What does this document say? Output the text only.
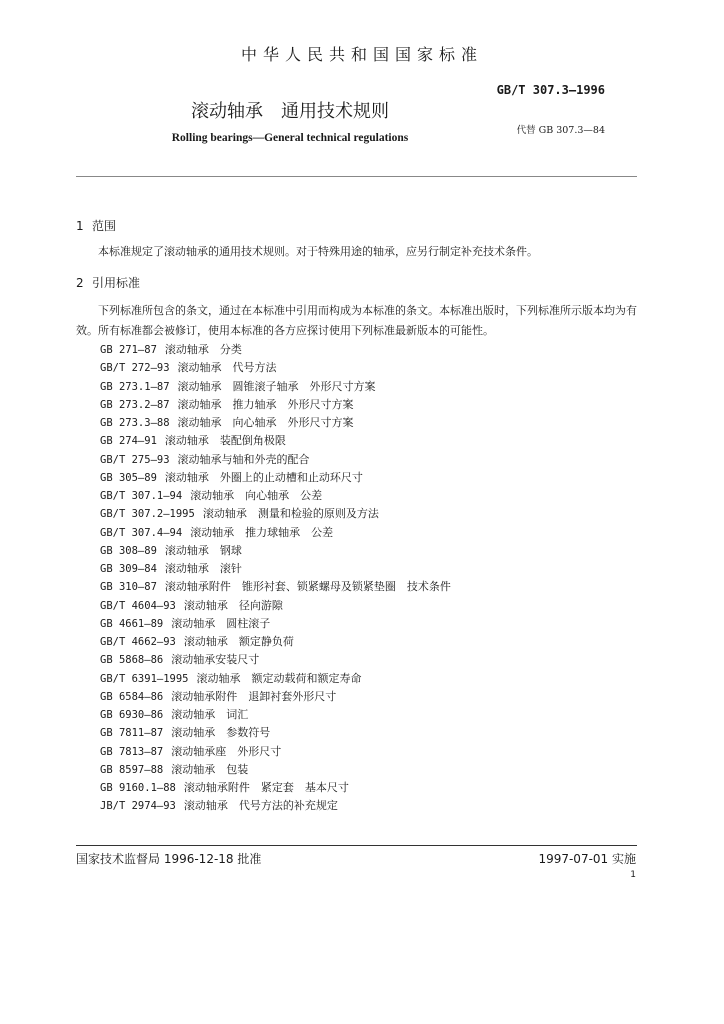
中华人民共和国国家标准
GB/T 307.3—1996
滚动轴承　通用技术规则
代替 GB 307.3—84
Rolling bearings—General technical regulations
1 范围
本标准规定了滚动轴承的通用技术规则。对于特殊用途的轴承，应另行制定补充技术条件。
2 引用标准
下列标准所包含的条文，通过在本标准中引用而构成为本标准的条文。本标准出版时，下列标准所示版本均为有效。所有标准都会被修订，使用本标准的各方应探讨使用下列标准最新版本的可能性。
GB 271—87 滚动轴承　分类
GB/T 272—93 滚动轴承　代号方法
GB 273.1—87 滚动轴承　圆锥滚子轴承　外形尺寸方案
GB 273.2—87 滚动轴承　推力轴承　外形尺寸方案
GB 273.3—88 滚动轴承　向心轴承　外形尺寸方案
GB 274—91 滚动轴承　装配倒角极限
GB/T 275—93 滚动轴承与轴和外壳的配合
GB 305—89 滚动轴承　外圈上的止动槽和止动环尺寸
GB/T 307.1—94 滚动轴承　向心轴承　公差
GB/T 307.2—1995 滚动轴承　测量和检验的原则及方法
GB/T 307.4—94 滚动轴承　推力球轴承　公差
GB 308—89 滚动轴承　钢球
GB 309—84 滚动轴承　滚针
GB 310—87 滚动轴承附件　锥形衬套、锁紧螺母及锁紧垫圈　技术条件
GB/T 4604—93 滚动轴承　径向游隙
GB 4661—89 滚动轴承　圆柱滚子
GB/T 4662—93 滚动轴承　额定静负荷
GB 5868—86 滚动轴承安装尺寸
GB/T 6391—1995 滚动轴承　额定动载荷和额定寿命
GB 6584—86 滚动轴承附件　退卸衬套外形尺寸
GB 6930—86 滚动轴承　词汇
GB 7811—87 滚动轴承　参数符号
GB 7813—87 滚动轴承座　外形尺寸
GB 8597—88 滚动轴承　包装
GB 9160.1—88 滚动轴承附件　紧定套　基本尺寸
JB/T 2974—93 滚动轴承　代号方法的补充规定
国家技术监督局 1996-12-18 批准	1997-07-01 实施
1
